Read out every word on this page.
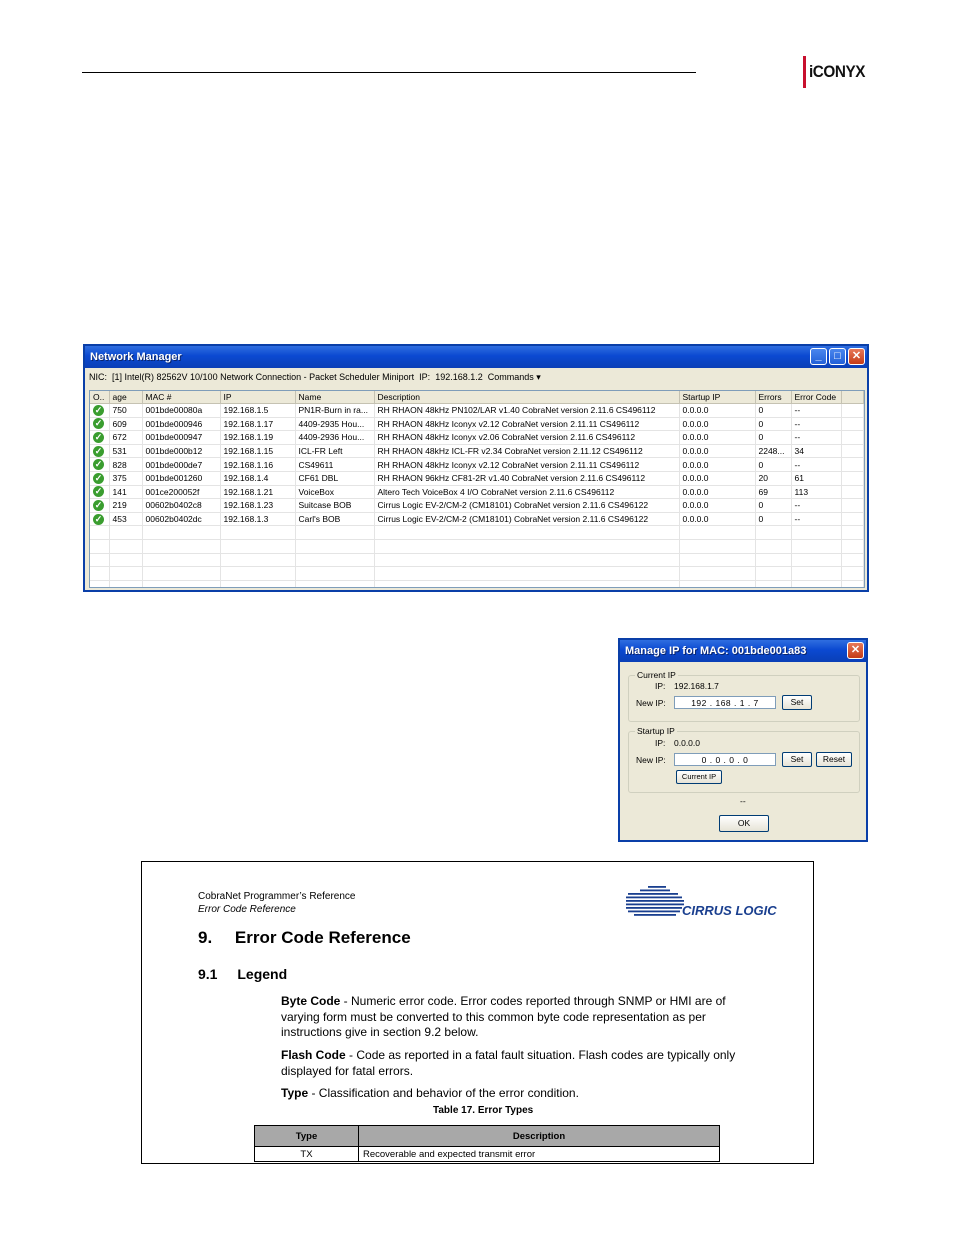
iCONYX
Network Manager	_	□	✕
NIC: [1] Intel(R) 82562V 10/100 Network Connection - Packet Scheduler Miniport IP: 192.168.1.2 Commands ▾
O..	age	MAC #	IP	Name	Description	Startup IP	Errors	Error Code	
✓	750	001bde00080a	192.168.1.5	PN1R-Burn in ra...	RH RHAON 48kHz PN102/LAR v1.40 CobraNet version 2.11.6 CS496112	0.0.0.0	0	--	
✓	609	001bde000946	192.168.1.17	4409-2935 Hou...	RH RHAON 48kHz Iconyx v2.12 CobraNet version 2.11.11 CS496112	0.0.0.0	0	--	
✓	672	001bde000947	192.168.1.19	4409-2936 Hou...	RH RHAON 48kHz Iconyx v2.06 CobraNet version 2.11.6 CS496112	0.0.0.0	0	--	
✓	531	001bde000b12	192.168.1.15	ICL-FR Left	RH RHAON 48kHz ICL-FR v2.34 CobraNet version 2.11.12 CS496112	0.0.0.0	2248...	34	
✓	828	001bde000de7	192.168.1.16	CS49611	RH RHAON 48kHz Iconyx v2.12 CobraNet version 2.11.11 CS496112	0.0.0.0	0	--	
✓	375	001bde001260	192.168.1.4	CF61 DBL	RH RHAON 96kHz CF81-2R v1.40 CobraNet version 2.11.6 CS496112	0.0.0.0	20	61	
✓	141	001ce200052f	192.168.1.21	VoiceBox	Altero Tech VoiceBox 4 I/O CobraNet version 2.11.6 CS496112	0.0.0.0	69	113	
✓	219	00602b0402c8	192.168.1.23	Suitcase BOB	Cirrus Logic EV-2/CM-2 (CM18101) CobraNet version 2.11.6 CS496122	0.0.0.0	0	--	
✓	453	00602b0402dc	192.168.1.3	Carl's BOB	Cirrus Logic EV-2/CM-2 (CM18101) CobraNet version 2.11.6 CS496122	0.0.0.0	0	--	

Manage IP for MAC: 001bde001a83	✕
Current IP
IP: 192.168.1.7
New IP:	192 . 168 . 1 . 7	Set
Startup IP
IP: 0.0.0.0
New IP:	0 . 0 . 0 . 0	Set	Reset
Current IP
--
OK
CobraNet Programmer’s Reference
Error Code Reference	CIRRUS LOGIC
9. Error Code Reference
9.1 Legend
Byte Code - Numeric error code. Error codes reported through SNMP or HMI are of varying form must be converted to this common byte code representation as per instructions give in section 9.2 below.
Flash Code - Code as reported in a fatal fault situation. Flash codes are typically only displayed for fatal errors.
Type - Classification and behavior of the error condition.
Table 17. Error Types
Type	Description
TX	Recoverable and expected transmit error
